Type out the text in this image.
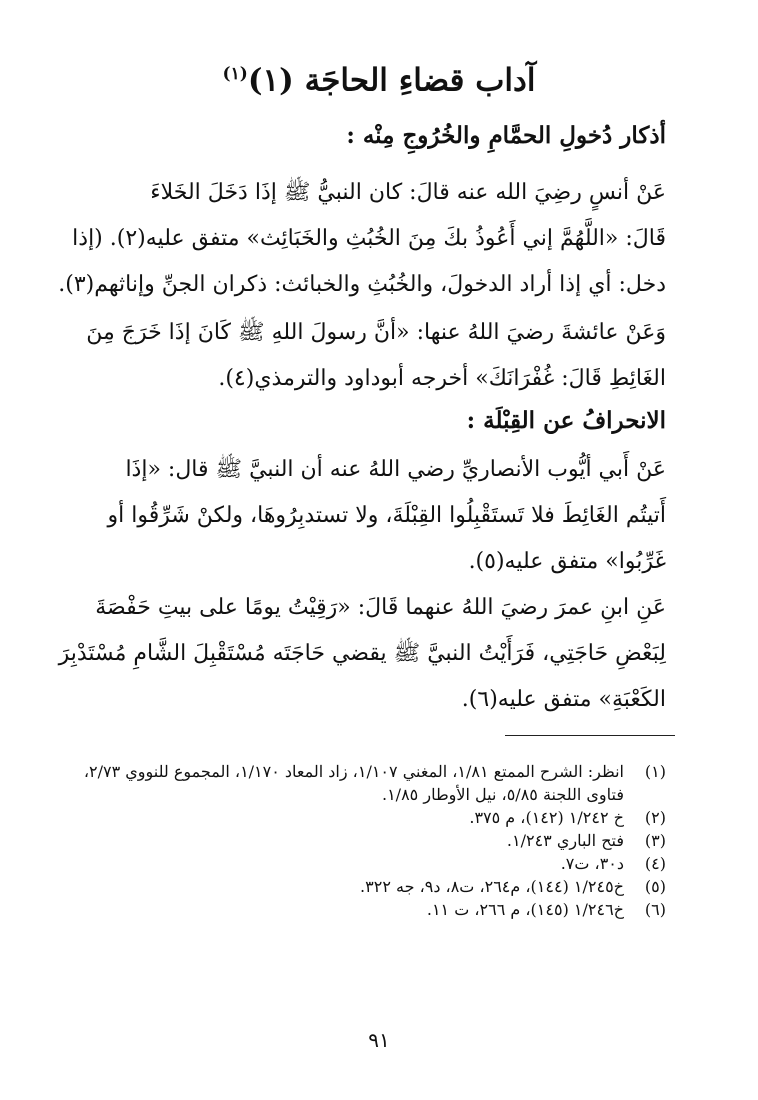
آداب قضاءِ الحاجَة (١)$^{(١)}$
أذكار دُخولِ الحمَّامِ والخُرُوجِ مِنْه :
عَنْ أنسٍ رضِيَ الله عنه قالَ: كان النبيُّ ﷺ إذَا دَخَلَ الخَلاءَ
قَالَ: «اللَّهُمَّ إني أَعُوذُ بكَ مِنَ الخُبُثِ والخَبَائِث» متفق عليه(٢). (إذا
دخل: أي إذا أراد الدخولَ، والخُبُثِ والخبائث: ذكران الجنِّ وإناثهم(٣).
وَعَنْ عائشةَ رضيَ اللهُ عنها: «أنَّ رسولَ اللهِ ﷺ كَانَ إذَا خَرَجَ مِنَ
الغَائِطِ قَالَ: غُفْرَانَكَ» أخرجه أبوداود والترمذي(٤).
الانحرافُ عن القِبْلَة :
عَنْ أَبي أيُّوب الأنصاريِّ رضي اللهُ عنه أن النبيَّ ﷺ قال: «إذَا
أَتيتُم الغَائِطَ فلا تَستَقْبِلُوا القِبْلَةَ، ولا تستدبِرُوهَا، ولكنْ شَرِّقُوا أو
غَرِّبُوا» متفق عليه(٥).
عَنِ ابنِ عمرَ رضيَ اللهُ عنهما قَالَ: «رَقِيْتُ يومًا على بيتِ حَفْصَةَ
لِبَعْضِ حَاجَتِي، فَرَأَيْتُ النبيَّ ﷺ يقضي حَاجَتَه مُسْتَقْبِلَ الشَّامِ مُسْتَدْبِرَ
الكَعْبَةِ» متفق عليه(٦).
(١)
انظر: الشرح الممتع ١/٨١، المغني ١/١٠٧، زاد المعاد ١/١٧٠، المجموع للنووي ٢/٧٣، فتاوى اللجنة ٥/٨٥، نيل الأوطار ١/٨٥.
(٢)
خ ١/٢٤٢ (١٤٢)، م ٣٧٥.
(٣)
فتح الباري ١/٢٤٣.
(٤)
د٣٠، ت٧.
(٥)
خ١/٢٤٥ (١٤٤)، م٢٦٤، ت٨، د٩، جه ٣٢٢.
(٦)
خ١/٢٤٦ (١٤٥)، م ٢٦٦، ت ١١.
٩١
